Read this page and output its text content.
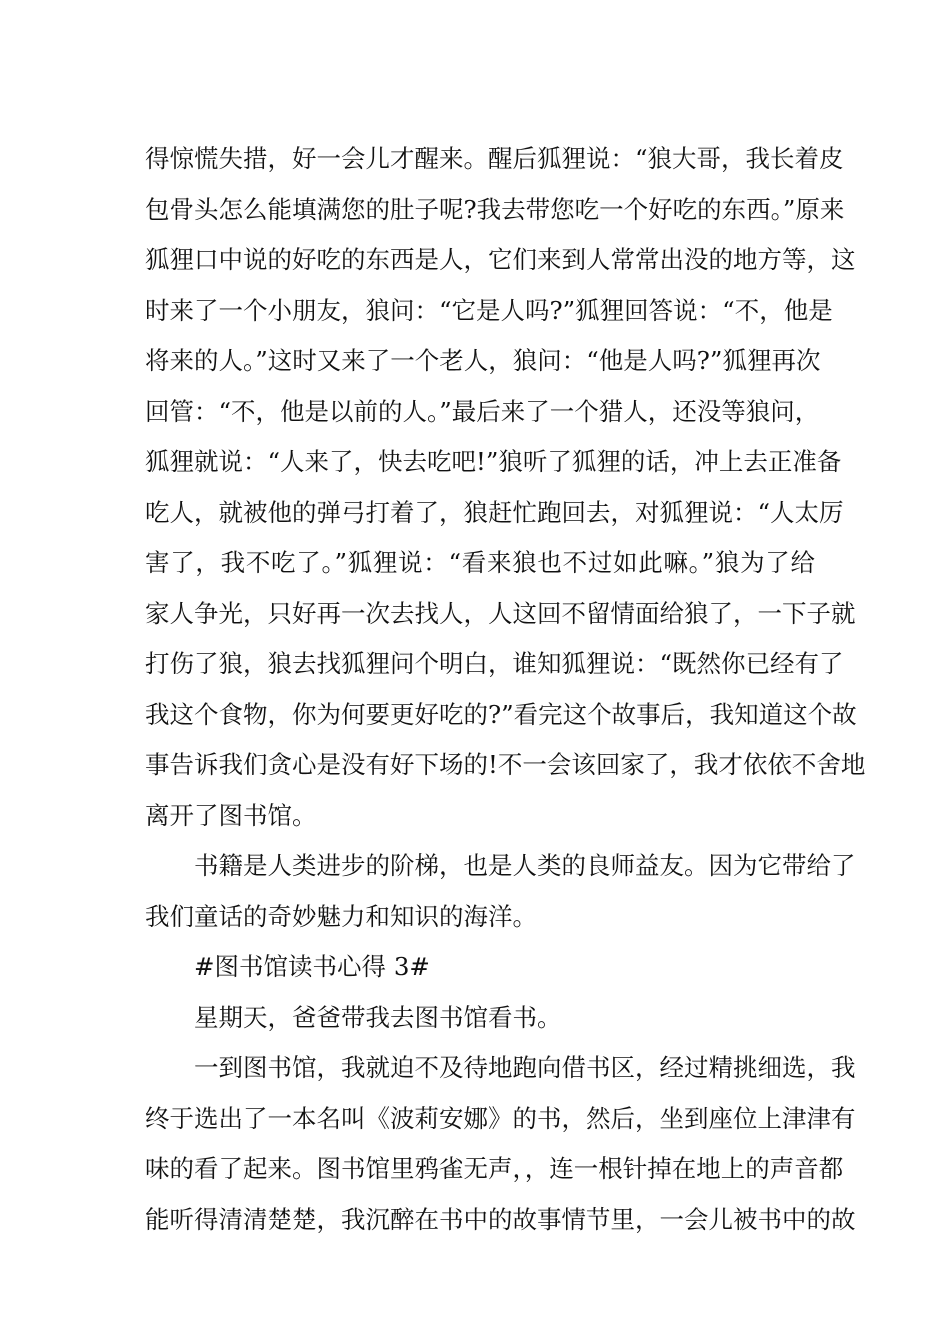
得惊慌失措，好一会儿才醒来。醒后狐狸说：“狼大哥，我长着皮
包骨头怎么能填满您的肚子呢?我去带您吃一个好吃的东西。”原来
狐狸口中说的好吃的东西是人，它们来到人常常出没的地方等，这
时来了一个小朋友，狼问：“它是人吗?”狐狸回答说：“不，他是
将来的人。”这时又来了一个老人，狼问：“他是人吗?”狐狸再次
回管：“不，他是以前的人。”最后来了一个猎人，还没等狼问，
狐狸就说：“人来了，快去吃吧!”狼听了狐狸的话，冲上去正准备
吃人，就被他的弹弓打着了，狼赶忙跑回去，对狐狸说：“人太厉
害了，我不吃了。”狐狸说：“看来狼也不过如此嘛。”狼为了给
家人争光，只好再一次去找人，人这回不留情面给狼了，一下子就
打伤了狼，狼去找狐狸问个明白，谁知狐狸说：“既然你已经有了
我这个食物，你为何要更好吃的?”看完这个故事后，我知道这个故
事告诉我们贪心是没有好下场的!不一会该回家了，我才依依不舍地
离开了图书馆。
书籍是人类进步的阶梯，也是人类的良师益友。因为它带给了
我们童话的奇妙魅力和知识的海洋。
#图书馆读书心得 3#
星期天，爸爸带我去图书馆看书。
一到图书馆，我就迫不及待地跑向借书区，经过精挑细选，我
终于选出了一本名叫《波莉安娜》的书，然后，坐到座位上津津有
味的看了起来。图书馆里鸦雀无声，，连一根针掉在地上的声音都
能听得清清楚楚，我沉醉在书中的故事情节里，一会儿被书中的故
